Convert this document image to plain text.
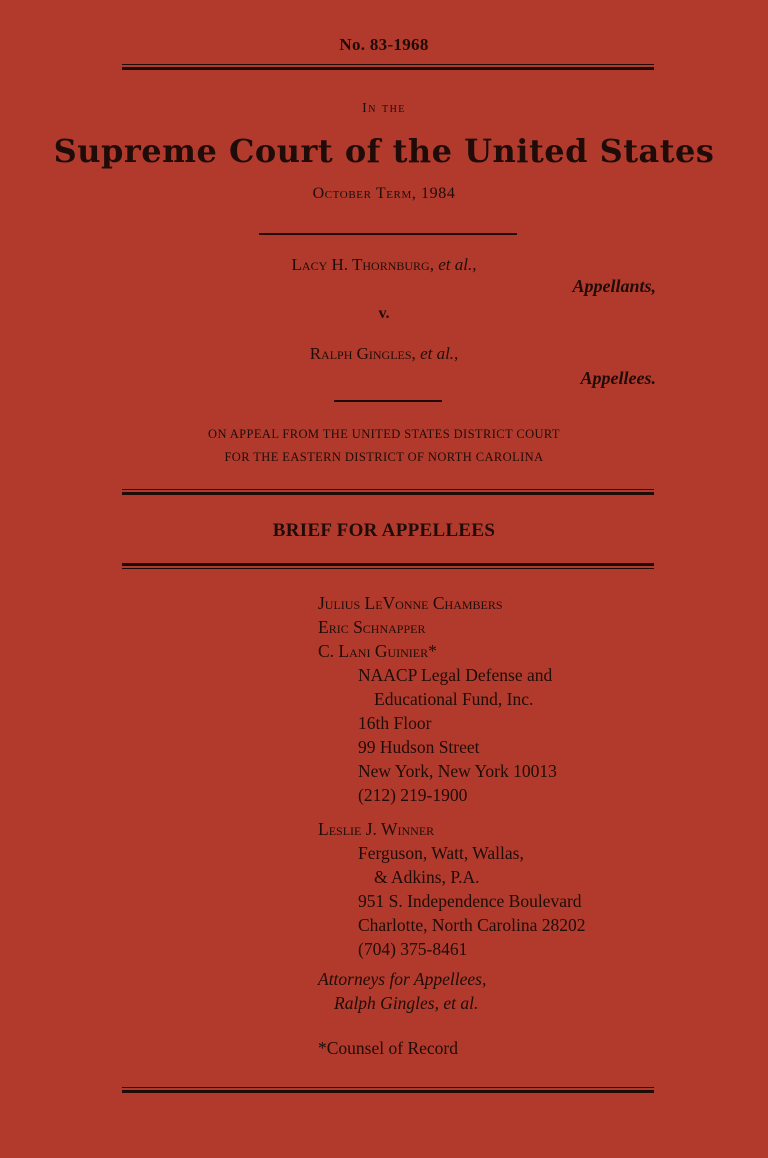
No. 83-1968

In the

Supreme Court of the United States

October Term, 1984

Lacy H. Thornburg, et al.,

Appellants,

v.

Ralph Gingles, et al.,

Appellees.

ON APPEAL FROM THE UNITED STATES DISTRICT COURT

FOR THE EASTERN DISTRICT OF NORTH CAROLINA

BRIEF FOR APPELLEES

Julius LeVonne Chambers
Eric Schnapper
C. Lani Guinier*
NAACP Legal Defense and
Educational Fund, Inc.
16th Floor
99 Hudson Street
New York, New York 10013
(212) 219-1900
Leslie J. Winner
Ferguson, Watt, Wallas,
& Adkins, P.A.
951 S. Independence Boulevard
Charlotte, North Carolina 28202
(704) 375-8461
Attorneys for Appellees,
Ralph Gingles, et al.
*Counsel of Record
